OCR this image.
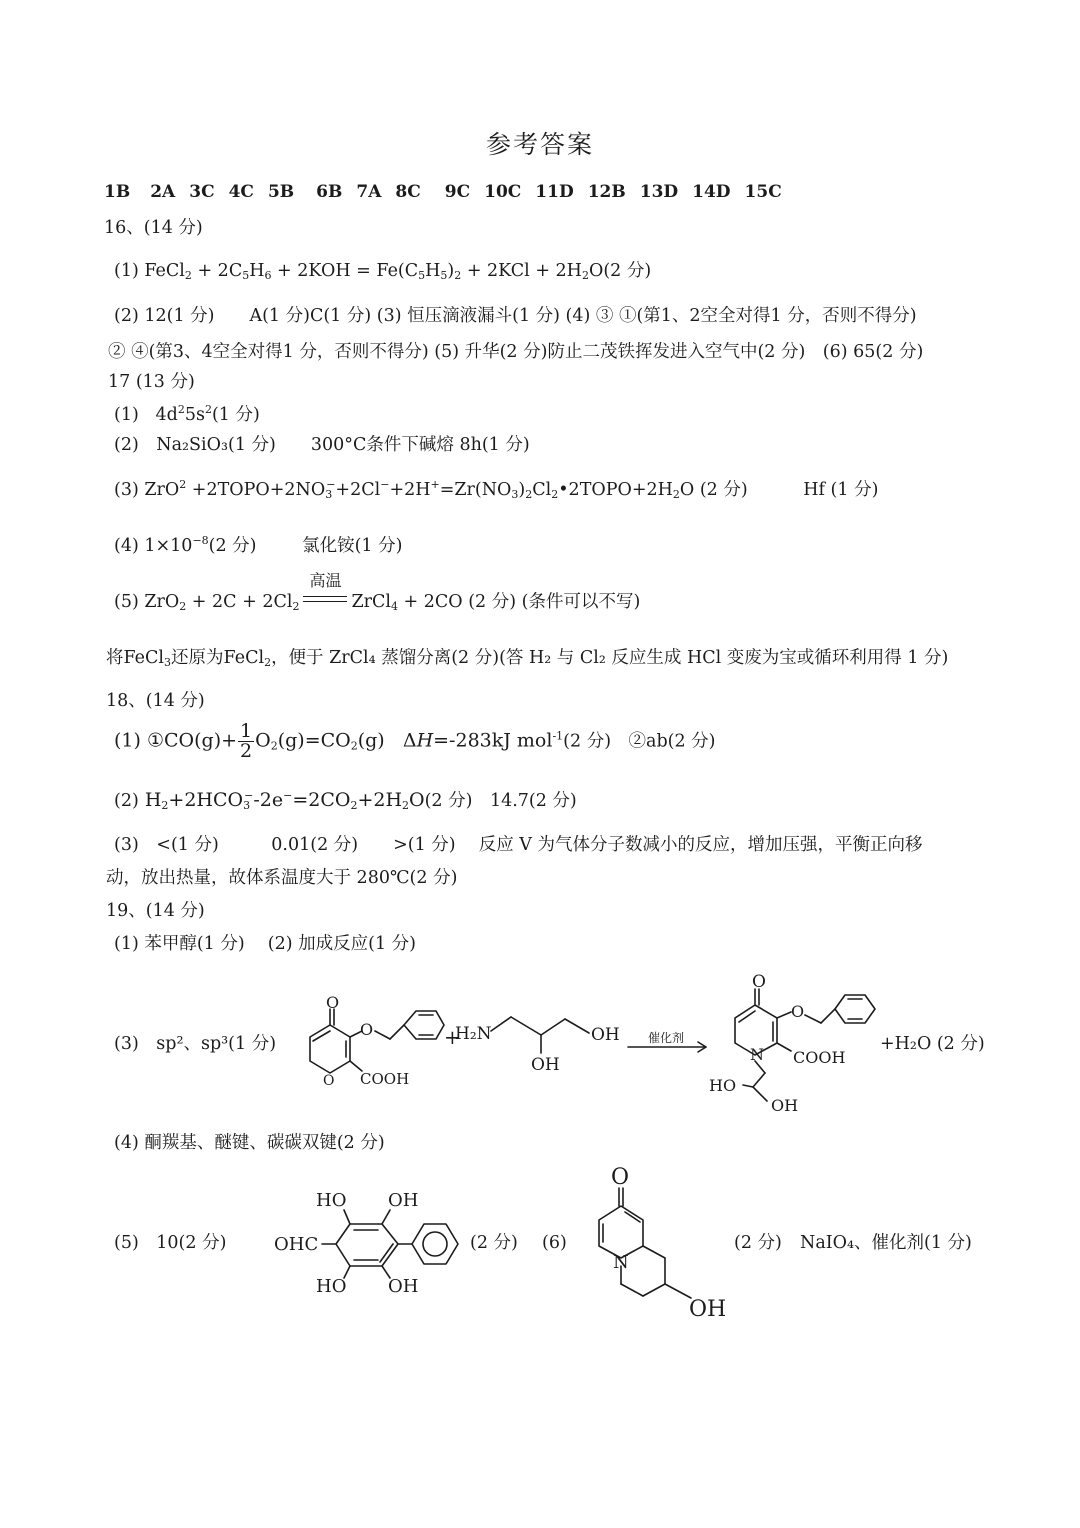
参考答案
1B 2A 3C 4C 5B 6B 7A 8C 9C 10C 11D 12B 13D 14D 15C
16、(14 分)
(1) FeCl$_2$ + $2C_5H_6 + 2KOH = Fe(C_5H_5)_2 + 2KCl + 2H_2O(2$ 分)
(2) 12(1 分)　　A(1 分)C(1 分) (3) 恒压滴液漏斗(1 分) (4) ③ ①(第1、2空全对得1 分，否则不得分)
② ④(第3、4空全对得1 分，否则不得分) (5) 升华(2 分)防止二茂铁挥发进入空气中(2 分)　(6) 65(2 分)
17 (13 分)
(1)   $4d^25s^2(1$ 分)
(2)　Na₂SiO₃(1 分)　　300°C条件下碱熔 8h(1 分)
(3) $ZrO^2 +2TOPO+2NO_3^-+2Cl^-+2H^+=Zr(NO_3)_2Cl_2•2TOPO+2H_2O$ (2 分)	Hf (1 分)
(4) $1\times 10^{-8}(2$ 分)	氯化铵(1 分)
(5) $ZrO_2 + 2C + 2Cl_2$
高温
ZrCl$_4$ + 2CO (2 分) (条件可以不写)
将FeCl$_3$还原为FeCl$_2$，便于 ZrCl₄ 蒸馏分离(2 分)(答 H₂ 与 Cl₂ 反应生成 HCl 变废为宝或循环利用得 1 分)
18、(14 分)
(1) ①CO(g)+ $\frac{1}{2} O_2(g)=CO_2(g)$   ΔH=-283kJ mol$^{-1}$(2 分)　②ab(2 分)
(2) $H_2+2HCO_3^--2e^-=2CO_2+2H_2O(2$ 分)　14.7(2 分)
(3)　<(1 分)　　　0.01(2 分)　　>(1 分)　 反应 V 为气体分子数减小的反应，增加压强，平衡正向移
动，放出热量，故体系温度大于 280℃(2 分)
19、(14 分)
(1) 苯甲醇(1 分)　 (2) 加成反应(1 分)
(3)　sp²、sp³(1 分)	+H₂O (2 分)
(4) 酮羰基、醚键、碳碳双键(2 分)
(5)　10(2 分)	(2 分) (6)	(2 分) NaIO₄、催化剂(1 分)
O
O
O COOH
+
H₂N	OH
OH
催化剂
O
O
N COOH
HO
OH
HO OH
OHC
HO OH
O
N
OH
